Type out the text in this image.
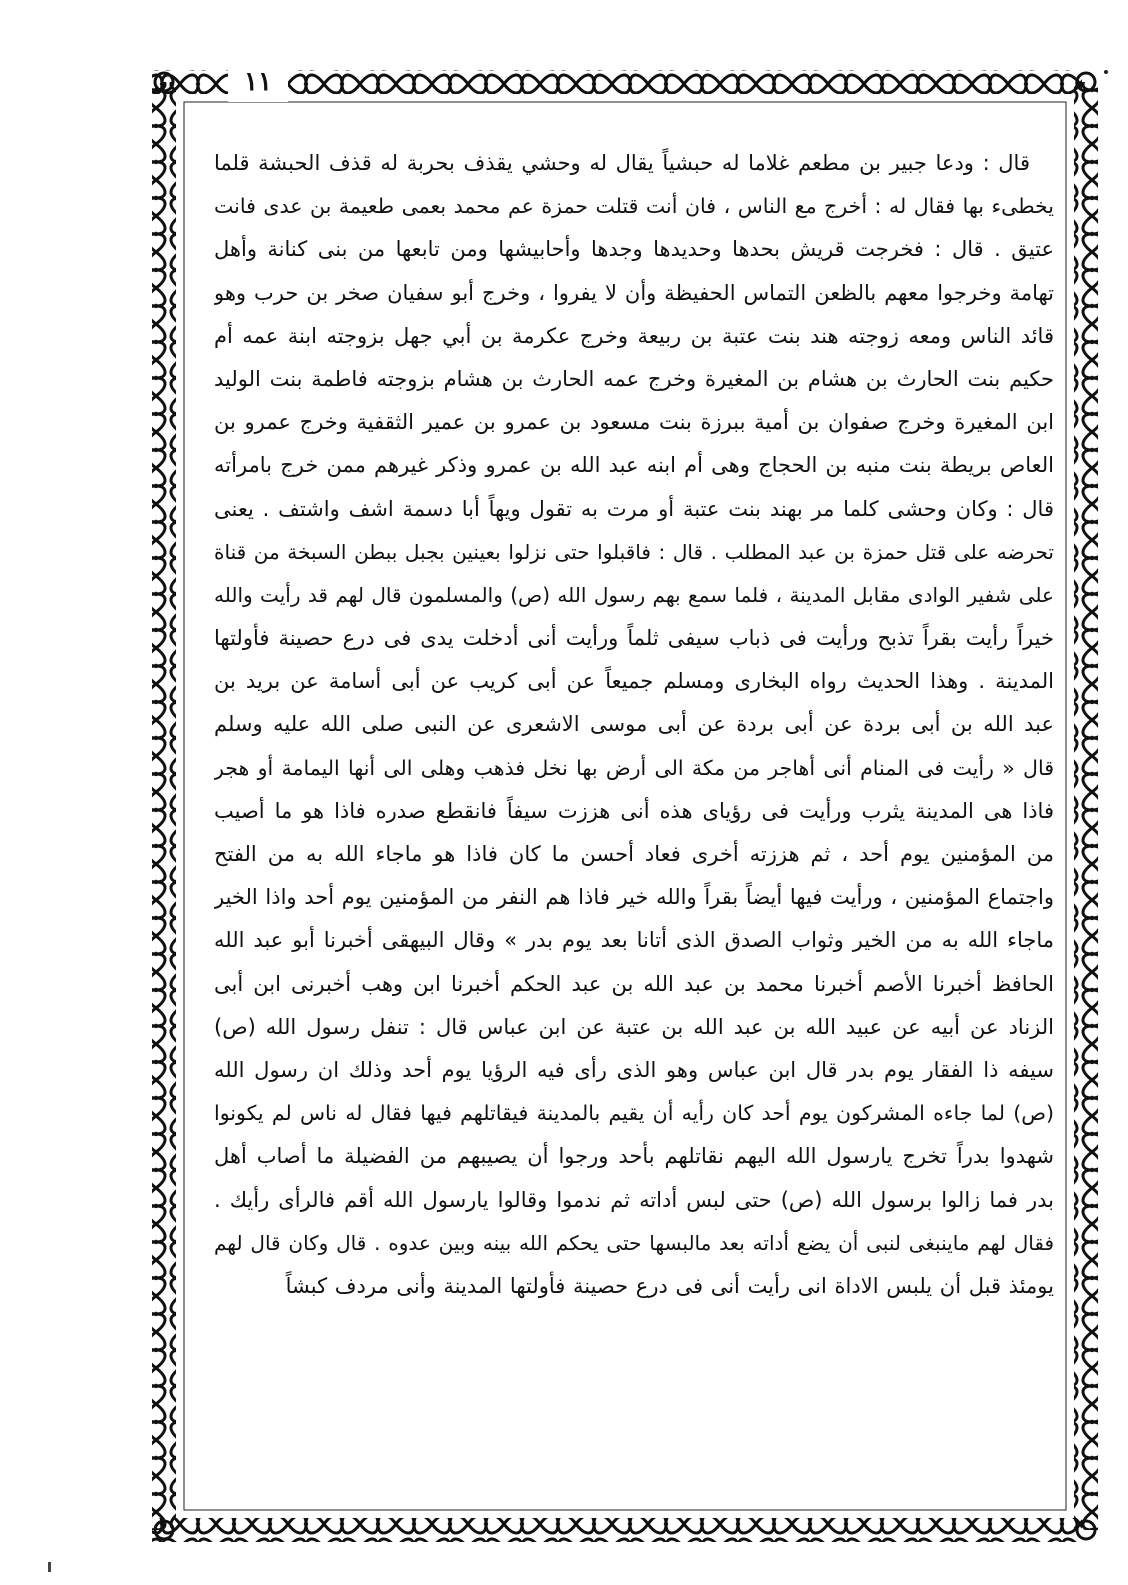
١١
قال : ودعا جبير بن مطعم غلاما له حبشياً يقال له وحشي يقذف بحربة له قذف الحبشة قلما
يخطىء بها فقال له : أخرج مع الناس ، فان أنت قتلت حمزة عم محمد بعمى طعيمة بن عدى فانت
عتيق . قال : فخرجت قريش بحدها وحديدها وجدها وأحابيشها ومن تابعها من بنى كنانة وأهل
تهامة وخرجوا معهم بالظعن التماس الحفيظة وأن لا يفروا ، وخرج أبو سفيان صخر بن حرب وهو
قائد الناس ومعه زوجته هند بنت عتبة بن ربيعة وخرج عكرمة بن أبي جهل بزوجته ابنة عمه أم
حكيم بنت الحارث بن هشام بن المغيرة وخرج عمه الحارث بن هشام بزوجته فاطمة بنت الوليد
ابن المغيرة وخرج صفوان بن أمية ببرزة بنت مسعود بن عمرو بن عمير الثقفية وخرج عمرو بن
العاص بريطة بنت منبه بن الحجاج وهى أم ابنه عبد الله بن عمرو وذكر غيرهم ممن خرج بامرأته
قال : وكان وحشى كلما مر بهند بنت عتبة أو مرت به تقول ويهاً أبا دسمة اشف واشتف . يعنى
تحرضه على قتل حمزة بن عبد المطلب . قال : فاقبلوا حتى نزلوا بعينين بجبل ببطن السبخة من قناة
على شفير الوادى مقابل المدينة ، فلما سمع بهم رسول الله (ص) والمسلمون قال لهم قد رأيت والله
خيراً رأيت بقراً تذبح ورأيت فى ذباب سيفى ثلماً ورأيت أنى أدخلت يدى فى درع حصينة فأولتها
المدينة . وهذا الحديث رواه البخارى ومسلم جميعاً عن أبى كريب عن أبى أسامة عن بريد بن
عبد الله بن أبى بردة عن أبى بردة عن أبى موسى الاشعرى عن النبى صلى الله عليه وسلم
قال « رأيت فى المنام أنى أهاجر من مكة الى أرض بها نخل فذهب وهلى الى أنها اليمامة أو هجر
فاذا هى المدينة يثرب ورأيت فى رؤياى هذه أنى هززت سيفاً فانقطع صدره فاذا هو ما أصيب
من المؤمنين يوم أحد ، ثم هززته أخرى فعاد أحسن ما كان فاذا هو ماجاء الله به من الفتح
واجتماع المؤمنين ، ورأيت فيها أيضاً بقراً والله خير فاذا هم النفر من المؤمنين يوم أحد واذا الخير
ماجاء الله به من الخير وثواب الصدق الذى أتانا بعد يوم بدر » وقال البيهقى أخبرنا أبو عبد الله
الحافظ أخبرنا الأصم أخبرنا محمد بن عبد الله بن عبد الحكم أخبرنا ابن وهب أخبرنى ابن أبى
الزناد عن أبيه عن عبيد الله بن عبد الله بن عتبة عن ابن عباس قال : تنفل رسول الله (ص)
سيفه ذا الفقار يوم بدر قال ابن عباس وهو الذى رأى فيه الرؤيا يوم أحد وذلك ان رسول الله
(ص) لما جاءه المشركون يوم أحد كان رأيه أن يقيم بالمدينة فيقاتلهم فيها فقال له ناس لم يكونوا
شهدوا بدراً تخرج يارسول الله اليهم نقاتلهم بأحد ورجوا أن يصيبهم من الفضيلة ما أصاب أهل
بدر فما زالوا برسول الله (ص) حتى لبس أداته ثم ندموا وقالوا يارسول الله أقم فالرأى رأيك .
فقال لهم ماينبغى لنبى أن يضع أداته بعد مالبسها حتى يحكم الله بينه وبين عدوه . قال وكان قال لهم
يومئذ قبل أن يلبس الاداة انى رأيت أنى فى درع حصينة فأولتها المدينة وأنى مردف كبشاً
